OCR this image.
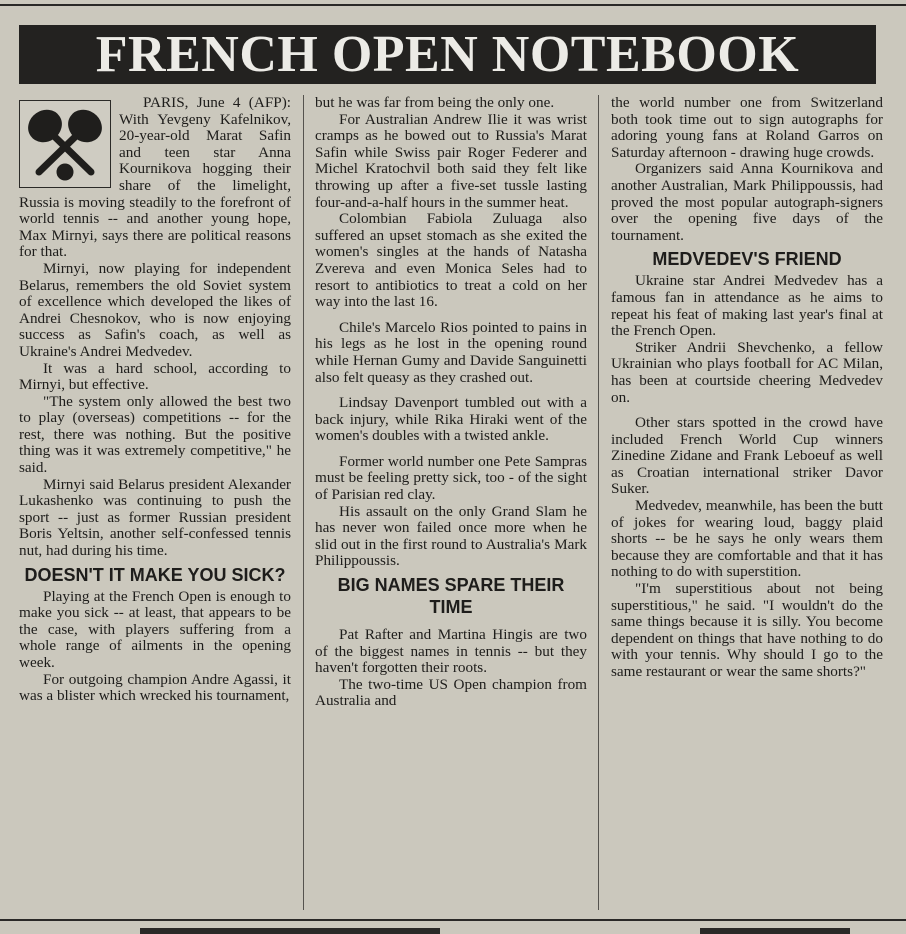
FRENCH OPEN NOTEBOOK

PARIS, June 4 (AFP): With Yevgeny Kafelnikov, 20-year-old Marat Safin and teen star Anna Kournikova hogging their share of the limelight, Russia is moving steadily to the forefront of world tennis -- and another young hope, Max Mirnyi, says there are political reasons for that.

Mirnyi, now playing for independent Belarus, remembers the old Soviet system of excellence which developed the likes of Andrei Chesnokov, who is now enjoying success as Safin's coach, as well as Ukraine's Andrei Medvedev.

It was a hard school, according to Mirnyi, but effective.

"The system only allowed the best two to play (overseas) competitions -- for the rest, there was nothing. But the positive thing was it was extremely competitive," he said.

Mirnyi said Belarus president Alexander Lukashenko was continuing to push the sport -- just as former Russian president Boris Yeltsin, another self-confessed tennis nut, had during his time.

DOESN'T IT MAKE YOU SICK?

Playing at the French Open is enough to make you sick -- at least, that appears to be the case, with players suffering from a whole range of ailments in the opening week.

For outgoing champion Andre Agassi, it was a blister which wrecked his tournament,

but he was far from being the only one.

For Australian Andrew Ilie it was wrist cramps as he bowed out to Russia's Marat Safin while Swiss pair Roger Federer and Michel Kratochvil both said they felt like throwing up after a five-set tussle lasting four-and-a-half hours in the summer heat.

Colombian Fabiola Zuluaga also suffered an upset stomach as she exited the women's singles at the hands of Natasha Zvereva and even Monica Seles had to resort to antibiotics to treat a cold on her way into the last 16.

Chile's Marcelo Rios pointed to pains in his legs as he lost in the opening round while Hernan Gumy and Davide Sanguinetti also felt queasy as they crashed out.

Lindsay Davenport tumbled out with a back injury, while Rika Hiraki went of the women's doubles with a twisted ankle.

Former world number one Pete Sampras must be feeling pretty sick, too - of the sight of Parisian red clay.

His assault on the only Grand Slam he has never won failed once more when he slid out in the first round to Australia's Mark Philippoussis.

BIG NAMES SPARE THEIR TIME

Pat Rafter and Martina Hingis are two of the biggest names in tennis -- but they haven't forgotten their roots.

The two-time US Open champion from Australia and

the world number one from Switzerland both took time out to sign autographs for adoring young fans at Roland Garros on Saturday afternoon - drawing huge crowds.

Organizers said Anna Kournikova and another Australian, Mark Philippoussis, had proved the most popular autograph-signers over the opening five days of the tournament.

MEDVEDEV'S FRIEND

Ukraine star Andrei Medvedev has a famous fan in attendance as he aims to repeat his feat of making last year's final at the French Open.

Striker Andrii Shevchenko, a fellow Ukrainian who plays football for AC Milan, has been at courtside cheering Medvedev on.

Other stars spotted in the crowd have included French World Cup winners Zinedine Zidane and Frank Leboeuf as well as Croatian international striker Davor Suker.

Medvedev, meanwhile, has been the butt of jokes for wearing loud, baggy plaid shorts -- be he says he only wears them because they are comfortable and that it has nothing to do with superstition.

"I'm superstitious about not being superstitious," he said. "I wouldn't do the same things because it is silly. You become dependent on things that have nothing to do with your tennis. Why should I go to the same restaurant or wear the same shorts?"
